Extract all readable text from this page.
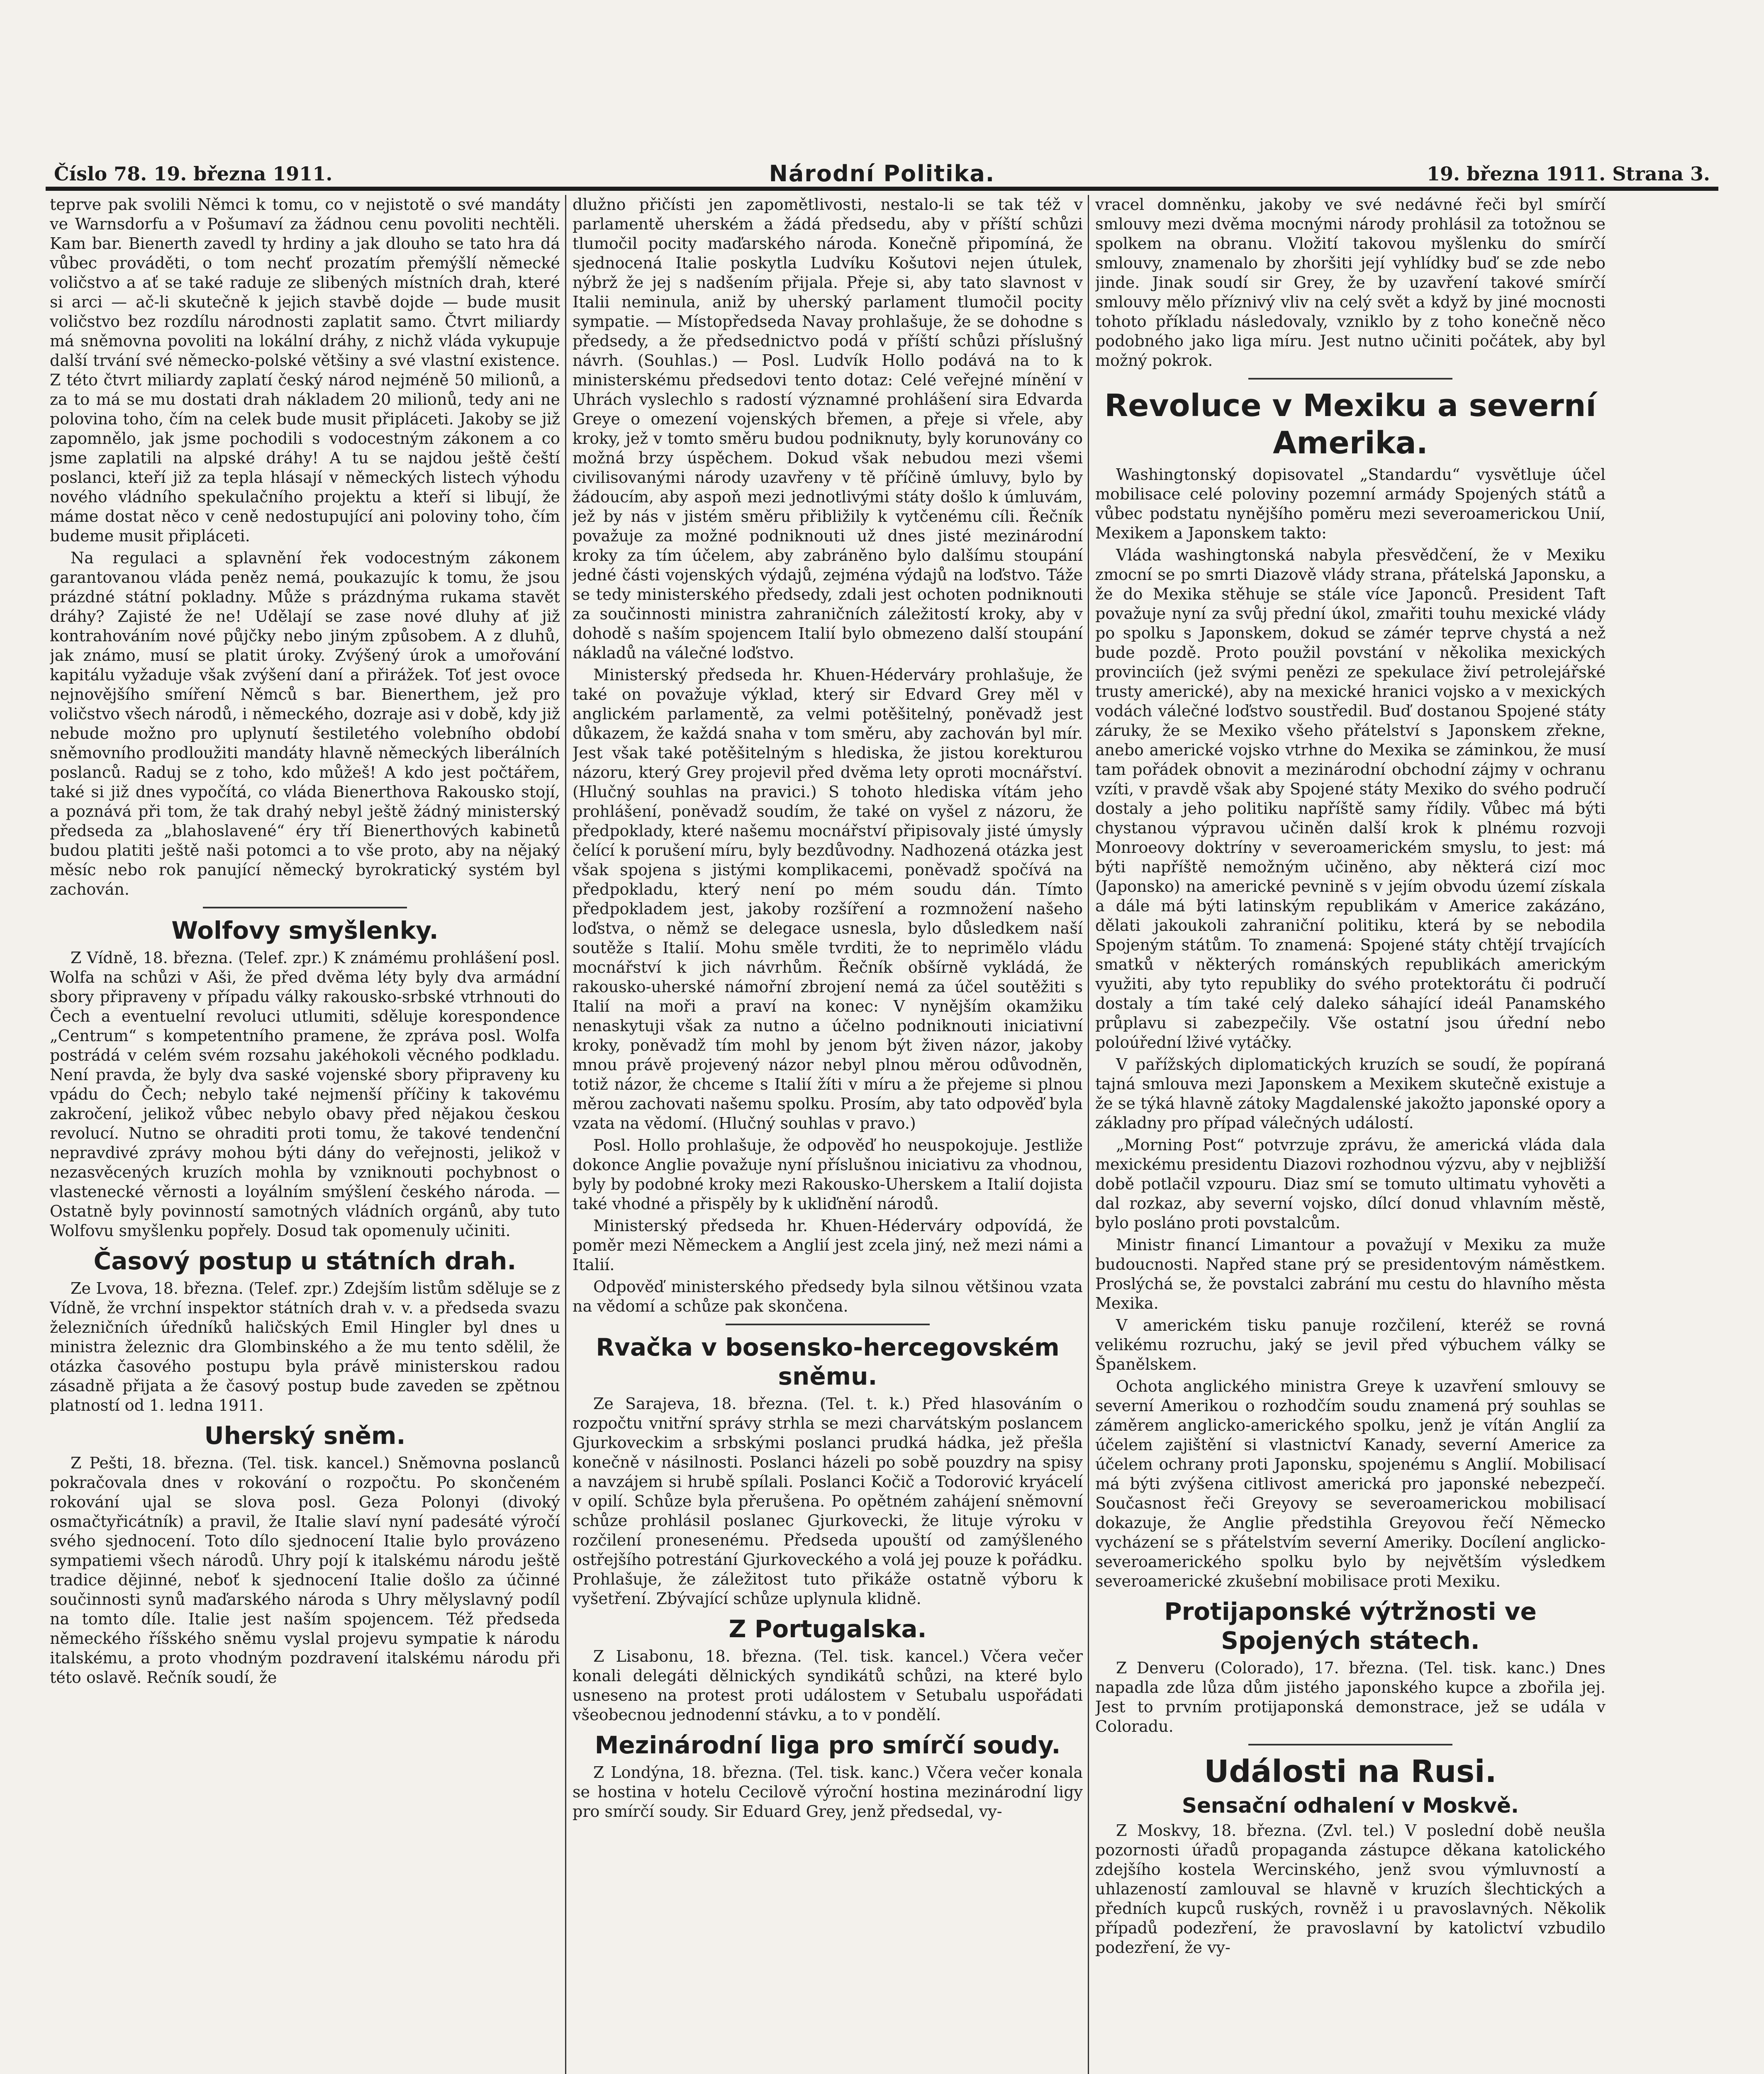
Číslo 78. 19. března 1911.	Národní Politika.	19. března 1911. Strana 3.

teprve pak svolili Němci k tomu, co v nejistotě o své mandáty ve Warnsdorfu a v Pošumaví za žádnou cenu povoliti nechtěli. Kam bar. Bienerth zavedl ty hrdiny a jak dlouho se tato hra dá vůbec prováděti, o tom nechť prozatím přemýšlí německé voličstvo a ať se také raduje ze slibených místních drah, které si arci — ač-li skutečně k jejich stavbě dojde — bude musit voličstvo bez rozdílu národnosti zaplatit samo. Čtvrt miliardy má sněmovna povoliti na lokální dráhy, z nichž vláda vykupuje další trvání své německo-polské většiny a své vlastní existence. Z této čtvrt miliardy zaplatí český národ nejméně 50 milionů, a za to má se mu dostati drah nákladem 20 milionů, tedy ani ne polovina toho, čím na celek bude musit připláceti. Jakoby se již zapomnělo, jak jsme pochodili s vodocestným zákonem a co jsme zaplatili na alpské dráhy! A tu se najdou ještě čeští poslanci, kteří již za tepla hlásají v německých listech výhodu nového vládního spekulačního projektu a kteří si libují, že máme dostat něco v ceně nedostupující ani poloviny toho, čím budeme musit připláceti.

Na regulaci a splavnění řek vodocestným zákonem garantovanou vláda peněz nemá, poukazujíc k tomu, že jsou prázdné státní pokladny. Může s prázdnýma rukama stavět dráhy? Zajisté že ne! Udělají se zase nové dluhy ať již kontrahováním nové půjčky nebo jiným způsobem. A z dluhů, jak známo, musí se platit úroky. Zvýšený úrok a umořování kapitálu vyžaduje však zvýšení daní a přirážek. Toť jest ovoce nejnovějšího smíření Němců s bar. Bienerthem, jež pro voličstvo všech národů, i německého, dozraje asi v době, kdy již nebude možno pro uplynutí šestiletého volebního období sněmovního prodloužiti mandáty hlavně německých liberálních poslanců. Raduj se z toho, kdo můžeš! A kdo jest počtářem, také si již dnes vypočítá, co vláda Bienerthova Rakousko stojí, a poznává při tom, že tak drahý nebyl ještě žádný ministerský předseda za „blahoslavené“ éry tří Bienerthových kabinetů budou platiti ještě naši potomci a to vše proto, aby na nějaký měsíc nebo rok panující německý byrokratický systém byl zachován.

Wolfovy smyšlenky.

Z Vídně, 18. března. (Telef. zpr.) K známému prohlášení posl. Wolfa na schůzi v Aši, že před dvěma léty byly dva armádní sbory připraveny v případu války rakousko-srbské vtrhnouti do Čech a eventuelní revoluci utlumiti, sděluje korespondence „Centrum“ s kompetentního pramene, že zpráva posl. Wolfa postrádá v celém svém rozsahu jakéhokoli věcného podkladu. Není pravda, že byly dva saské vojenské sbory připraveny ku vpádu do Čech; nebylo také nejmenší příčiny k takovému zakročení, jelikož vůbec nebylo obavy před nějakou českou revolucí. Nutno se ohraditi proti tomu, že takové tendenční nepravdivé zprávy mohou býti dány do veřejnosti, jelikož v nezasvěcených kruzích mohla by vzniknouti pochybnost o vlastenecké věrnosti a loyálním smýšlení českého národa. — Ostatně byly povinností samotných vládních orgánů, aby tuto Wolfovu smyšlenku popřely. Dosud tak opomenuly učiniti.

Časový postup u státních drah.

Ze Lvova, 18. března. (Telef. zpr.) Zdejším listům sděluje se z Vídně, že vrchní inspektor státních drah v. v. a předseda svazu železničních úředníků haličských Emil Hingler byl dnes u ministra železnic dra Glombinského a že mu tento sdělil, že otázka časového postupu byla právě ministerskou radou zásadně přijata a že časový postup bude zaveden se zpětnou platností od 1. ledna 1911.

Uherský sněm.

Z Pešti, 18. března. (Tel. tisk. kancel.) Sněmovna poslanců pokračovala dnes v rokování o rozpočtu. Po skončeném rokování ujal se slova posl. Geza Polonyi (divoký osmačtyřicátník) a pravil, že Italie slaví nyní padesáté výročí svého sjednocení. Toto dílo sjednocení Italie bylo provázeno sympatiemi všech národů. Uhry pojí k italskému národu ještě tradice dějinné, neboť k sjednocení Italie došlo za účinné součinnosti synů maďarského národa s Uhry mělyslavný podíl na tomto díle. Italie jest naším spojencem. Též předseda německého říšského sněmu vyslal projevu sympatie k národu italskému, a proto vhodným pozdravení italskému národu při této oslavě. Rečník soudí, že

dlužno přičísti jen zapomětlivosti, nestalo-li se tak též v parlamentě uherském a žádá předsedu, aby v příští schůzi tlumočil pocity maďarského národa. Konečně připomíná, že sjednocená Italie poskytla Ludvíku Košutovi nejen útulek, nýbrž že jej s nadšením přijala. Přeje si, aby tato slavnost v Italii neminula, aniž by uherský parlament tlumočil pocity sympatie. — Místopředseda Navay prohlašuje, že se dohodne s předsedy, a že předsednictvo podá v příští schůzi příslušný návrh. (Souhlas.) — Posl. Ludvík Hollo podává na to k ministerskému předsedovi tento dotaz: Celé veřejné mínění v Uhrách vyslechlo s radostí významné prohlášení sira Edvarda Greye o omezení vojenských břemen, a přeje si vřele, aby kroky, jež v tomto směru budou podniknuty, byly korunovány co možná brzy úspěchem. Dokud však nebudou mezi všemi civilisovanými národy uzavřeny v tě příčině úmluvy, bylo by žádoucím, aby aspoň mezi jednotlivými státy došlo k úmluvám, jež by nás v jistém směru přibližily k vytčenému cíli. Řečník považuje za možné podniknouti už dnes jisté mezinárodní kroky za tím účelem, aby zabráněno bylo dalšímu stoupání jedné části vojenských výdajů, zejména výdajů na loďstvo. Táže se tedy ministerského předsedy, zdali jest ochoten podniknouti za součinnosti ministra zahraničních záležitostí kroky, aby v dohodě s naším spojencem Italií bylo obmezeno další stoupání nákladů na válečné loďstvo.

Ministerský předseda hr. Khuen-Héderváry prohlašuje, že také on považuje výklad, který sir Edvard Grey měl v anglickém parlamentě, za velmi potěšitelný, poněvadž jest důkazem, že každá snaha v tom směru, aby zachován byl mír. Jest však také potěšitelným s hlediska, že jistou korekturou názoru, který Grey projevil před dvěma lety oproti mocnářství. (Hlučný souhlas na pravici.) S tohoto hlediska vítám jeho prohlášení, poněvadž soudím, že také on vyšel z názoru, že předpoklady, které našemu mocnářství připisovaly jisté úmysly čelící k porušení míru, byly bezdůvodny. Nadhozená otázka jest však spojena s jistými komplikacemi, poněvadž spočívá na předpokladu, který není po mém soudu dán. Tímto předpokladem jest, jakoby rozšíření a rozmnožení našeho loďstva, o němž se delegace usnesla, bylo důsledkem naší soutěže s Italií. Mohu směle tvrditi, že to neprimělo vládu mocnářství k jich návrhům. Řečník obšírně vykládá, že rakousko-uherské námořní zbrojení nemá za účel soutěžiti s Italií na moři a praví na konec: V nynějším okamžiku nenaskytuji však za nutno a účelno podniknouti iniciativní kroky, poněvadž tím mohl by jenom být živen názor, jakoby mnou právě projevený názor nebyl plnou měrou odůvodněn, totiž názor, že chceme s Italií žíti v míru a že přejeme si plnou měrou zachovati našemu spolku. Prosím, aby tato odpověď byla vzata na vědomí. (Hlučný souhlas v pravo.)

Posl. Hollo prohlašuje, že odpověď ho neuspokojuje. Jestliže dokonce Anglie považuje nyní příslušnou iniciativu za vhodnou, byly by podobné kroky mezi Rakousko-Uherskem a Italií dojista také vhodné a přispěly by k ukliďnění národů.

Ministerský předseda hr. Khuen-Héderváry odpovídá, že poměr mezi Německem a Anglií jest zcela jiný, než mezi námi a Italií.

Odpověď ministerského předsedy byla silnou většinou vzata na vědomí a schůze pak skončena.

Rvačka v bosensko-hercegovském sněmu.

Ze Sarajeva, 18. března. (Tel. t. k.) Před hlasováním o rozpočtu vnitřní správy strhla se mezi charvátským poslancem Gjurkoveckim a srbskými poslanci prudká hádka, jež přešla konečně v násilnosti. Poslanci házeli po sobě pouzdry na spisy a navzájem si hrubě spílali. Poslanci Kočič a Todorović kryácelí v opilí. Schůze byla přerušena. Po opětném zahájení sněmovní schůze prohlásil poslanec Gjurkovecki, že lituje výroku v rozčilení pronesenému. Předseda upouští od zamýšleného ostřejšího potrestání Gjurkoveckého a volá jej pouze k pořádku. Prohlašuje, že záležitost tuto přikáže ostatně výboru k vyšetření. Zbývající schůze uplynula klidně.

Z Portugalska.

Z Lisabonu, 18. března. (Tel. tisk. kancel.) Včera večer konali delegáti dělnických syndikátů schůzi, na které bylo usneseno na protest proti událostem v Setubalu uspořádati všeobecnou jednodenní stávku, a to v pondělí.

Mezinárodní liga pro smírčí soudy.

Z Londýna, 18. března. (Tel. tisk. kanc.) Včera večer konala se hostina v hotelu Cecilově výroční hostina mezinárodní ligy pro smírčí soudy. Sir Eduard Grey, jenž předsedal, vy-

vracel domněnku, jakoby ve své nedávné řeči byl smírčí smlouvy mezi dvěma mocnými národy prohlásil za totožnou se spolkem na obranu. Vložití takovou myšlenku do smírčí smlouvy, znamenalo by zhoršiti její vyhlídky buď se zde nebo jinde. Jinak soudí sir Grey, že by uzavření takové smírčí smlouvy mělo příznivý vliv na celý svět a když by jiné mocnosti tohoto příkladu následovaly, vzniklo by z toho konečně něco podobného jako liga míru. Jest nutno učiniti počátek, aby byl možný pokrok.

Revoluce v Mexiku a severní Amerika.

Washingtonský dopisovatel „Standardu“ vysvětluje účel mobilisace celé poloviny pozemní armády Spojených států a vůbec podstatu nynějšího poměru mezi severoamerickou Unií, Mexikem a Japonskem takto:

Vláda washingtonská nabyla přesvědčení, že v Mexiku zmocní se po smrti Diazově vlády strana, přátelská Japonsku, a že do Mexika stěhuje se stále více Japonců. President Taft považuje nyní za svůj přední úkol, zmařiti touhu mexické vlády po spolku s Japonskem, dokud se zámér teprve chystá a než bude pozdě. Proto použil povstání v několika mexických provinciích (jež svými penězi ze spekulace živí petrolejářské trusty americké), aby na mexické hranici vojsko a v mexických vodách válečné loďstvo soustředil. Buď dostanou Spojené státy záruky, že se Mexiko všeho přátelství s Japonskem zřekne, anebo americké vojsko vtrhne do Mexika se záminkou, že musí tam pořádek obnovit a mezinárodní obchodní zájmy v ochranu vzíti, v pravdě však aby Spojené státy Mexiko do svého područí dostaly a jeho politiku napříště samy řídily. Vůbec má býti chystanou výpravou učiněn další krok k plnému rozvoji Monroeovy doktríny v severoamerickém smyslu, to jest: má býti napříště nemožným učiněno, aby některá cizí moc (Japonsko) na americké pevnině s v jejím obvodu území získala a dále má býti latinským republikám v Americe zakázáno, dělati jakoukoli zahraniční politiku, která by se nebodila Spojeným státům. To znamená: Spojené státy chtějí trvajících smatků v některých románských republikách americkým využiti, aby tyto republiky do svého protektorátu či područí dostaly a tím také celý daleko sáhající ideál Panamského průplavu si zabezpečily. Vše ostatní jsou úřední nebo poloúřední lživé vytáčky.

V pařížských diplomatických kruzích se soudí, že popíraná tajná smlouva mezi Japonskem a Mexikem skutečně existuje a že se týká hlavně zátoky Magdalenské jakožto japonské opory a základny pro případ válečných událostí.

„Morning Post“ potvrzuje zprávu, že americká vláda dala mexickému presidentu Diazovi rozhodnou výzvu, aby v nejbližší době potlačil vzpouru. Diaz smí se tomuto ultimatu vyhověti a dal rozkaz, aby severní vojsko, dílcí donud vhlavním městě, bylo posláno proti povstalcům.

Ministr financí Limantour a považují v Mexiku za muže budoucnosti. Napřed stane prý se presidentovým náměstkem. Proslýchá se, že povstalci zabrání mu cestu do hlavního města Mexika.

V americkém tisku panuje rozčilení, kteréž se rovná velikému rozruchu, jaký se jevil před výbuchem války se Španělskem.

Ochota anglického ministra Greye k uzavření smlouvy se severní Amerikou o rozhodčím soudu znamená prý souhlas se záměrem anglicko-amerického spolku, jenž je vítán Anglií za účelem zajištění si vlastnictví Kanady, severní Americe za účelem ochrany proti Japonsku, spojenému s Anglií. Mobilisací má býti zvýšena citlivost americká pro japonské nebezpečí. Současnost řeči Greyovy se severoamerickou mobilisací dokazuje, že Anglie předstihla Greyovou řečí Německo vycházení se s přátelstvím severní Ameriky. Docílení anglicko-severoamerického spolku bylo by největším výsledkem severoamerické zkušební mobilisace proti Mexiku.

Protijaponské výtržnosti ve Spojených státech.

Z Denveru (Colorado), 17. března. (Tel. tisk. kanc.) Dnes napadla zde lůza dům jistého japonského kupce a zbořila jej. Jest to prvním protijaponská demonstrace, jež se udála v Coloradu.

Události na Rusi.
Sensační odhalení v Moskvě.

Z Moskvy, 18. března. (Zvl. tel.) V poslední době neušla pozornosti úřadů propaganda zástupce děkana katolického zdejšího kostela Wercinského, jenž svou výmluvností a uhlazeností zamlouval se hlavně v kruzích šlechtických a předních kupců ruských, rovněž i u pravoslavných. Několik případů podezření, že pravoslavní by katolictví vzbudilo podezření, že vy-
